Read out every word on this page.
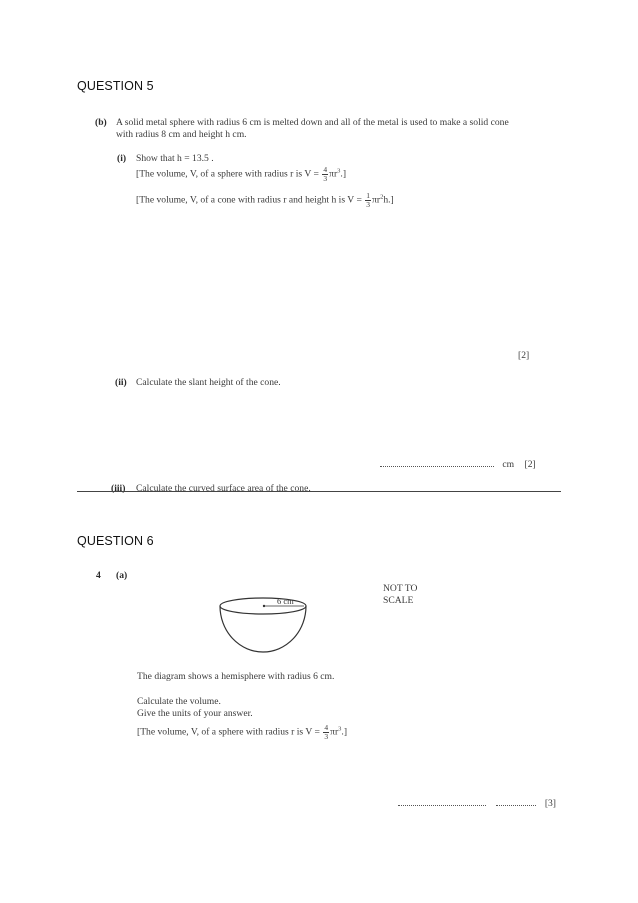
QUESTION 5
(b) A solid metal sphere with radius 6 cm is melted down and all of the metal is used to make a solid cone
with radius 8 cm and height h cm.
(i) Show that h = 13.5 .
[The volume, V, of a sphere with radius r is $V = \frac{4}{3} \pi r^3$.]
[The volume, V, of a cone with radius r and height h is $V = \frac{1}{3} \pi r^2h$.]
[2]
(ii) Calculate the slant height of the cone.
cm [2]
(iii) Calculate the curved surface area of the cone.
QUESTION 6
4 (a)
NOT TO
SCALE
6 cm
The diagram shows a hemisphere with radius 6 cm.
Calculate the volume.
Give the units of your answer.
[The volume, V, of a sphere with radius r is $V = \frac{4}{3} \pi r^3$.]
[3]
